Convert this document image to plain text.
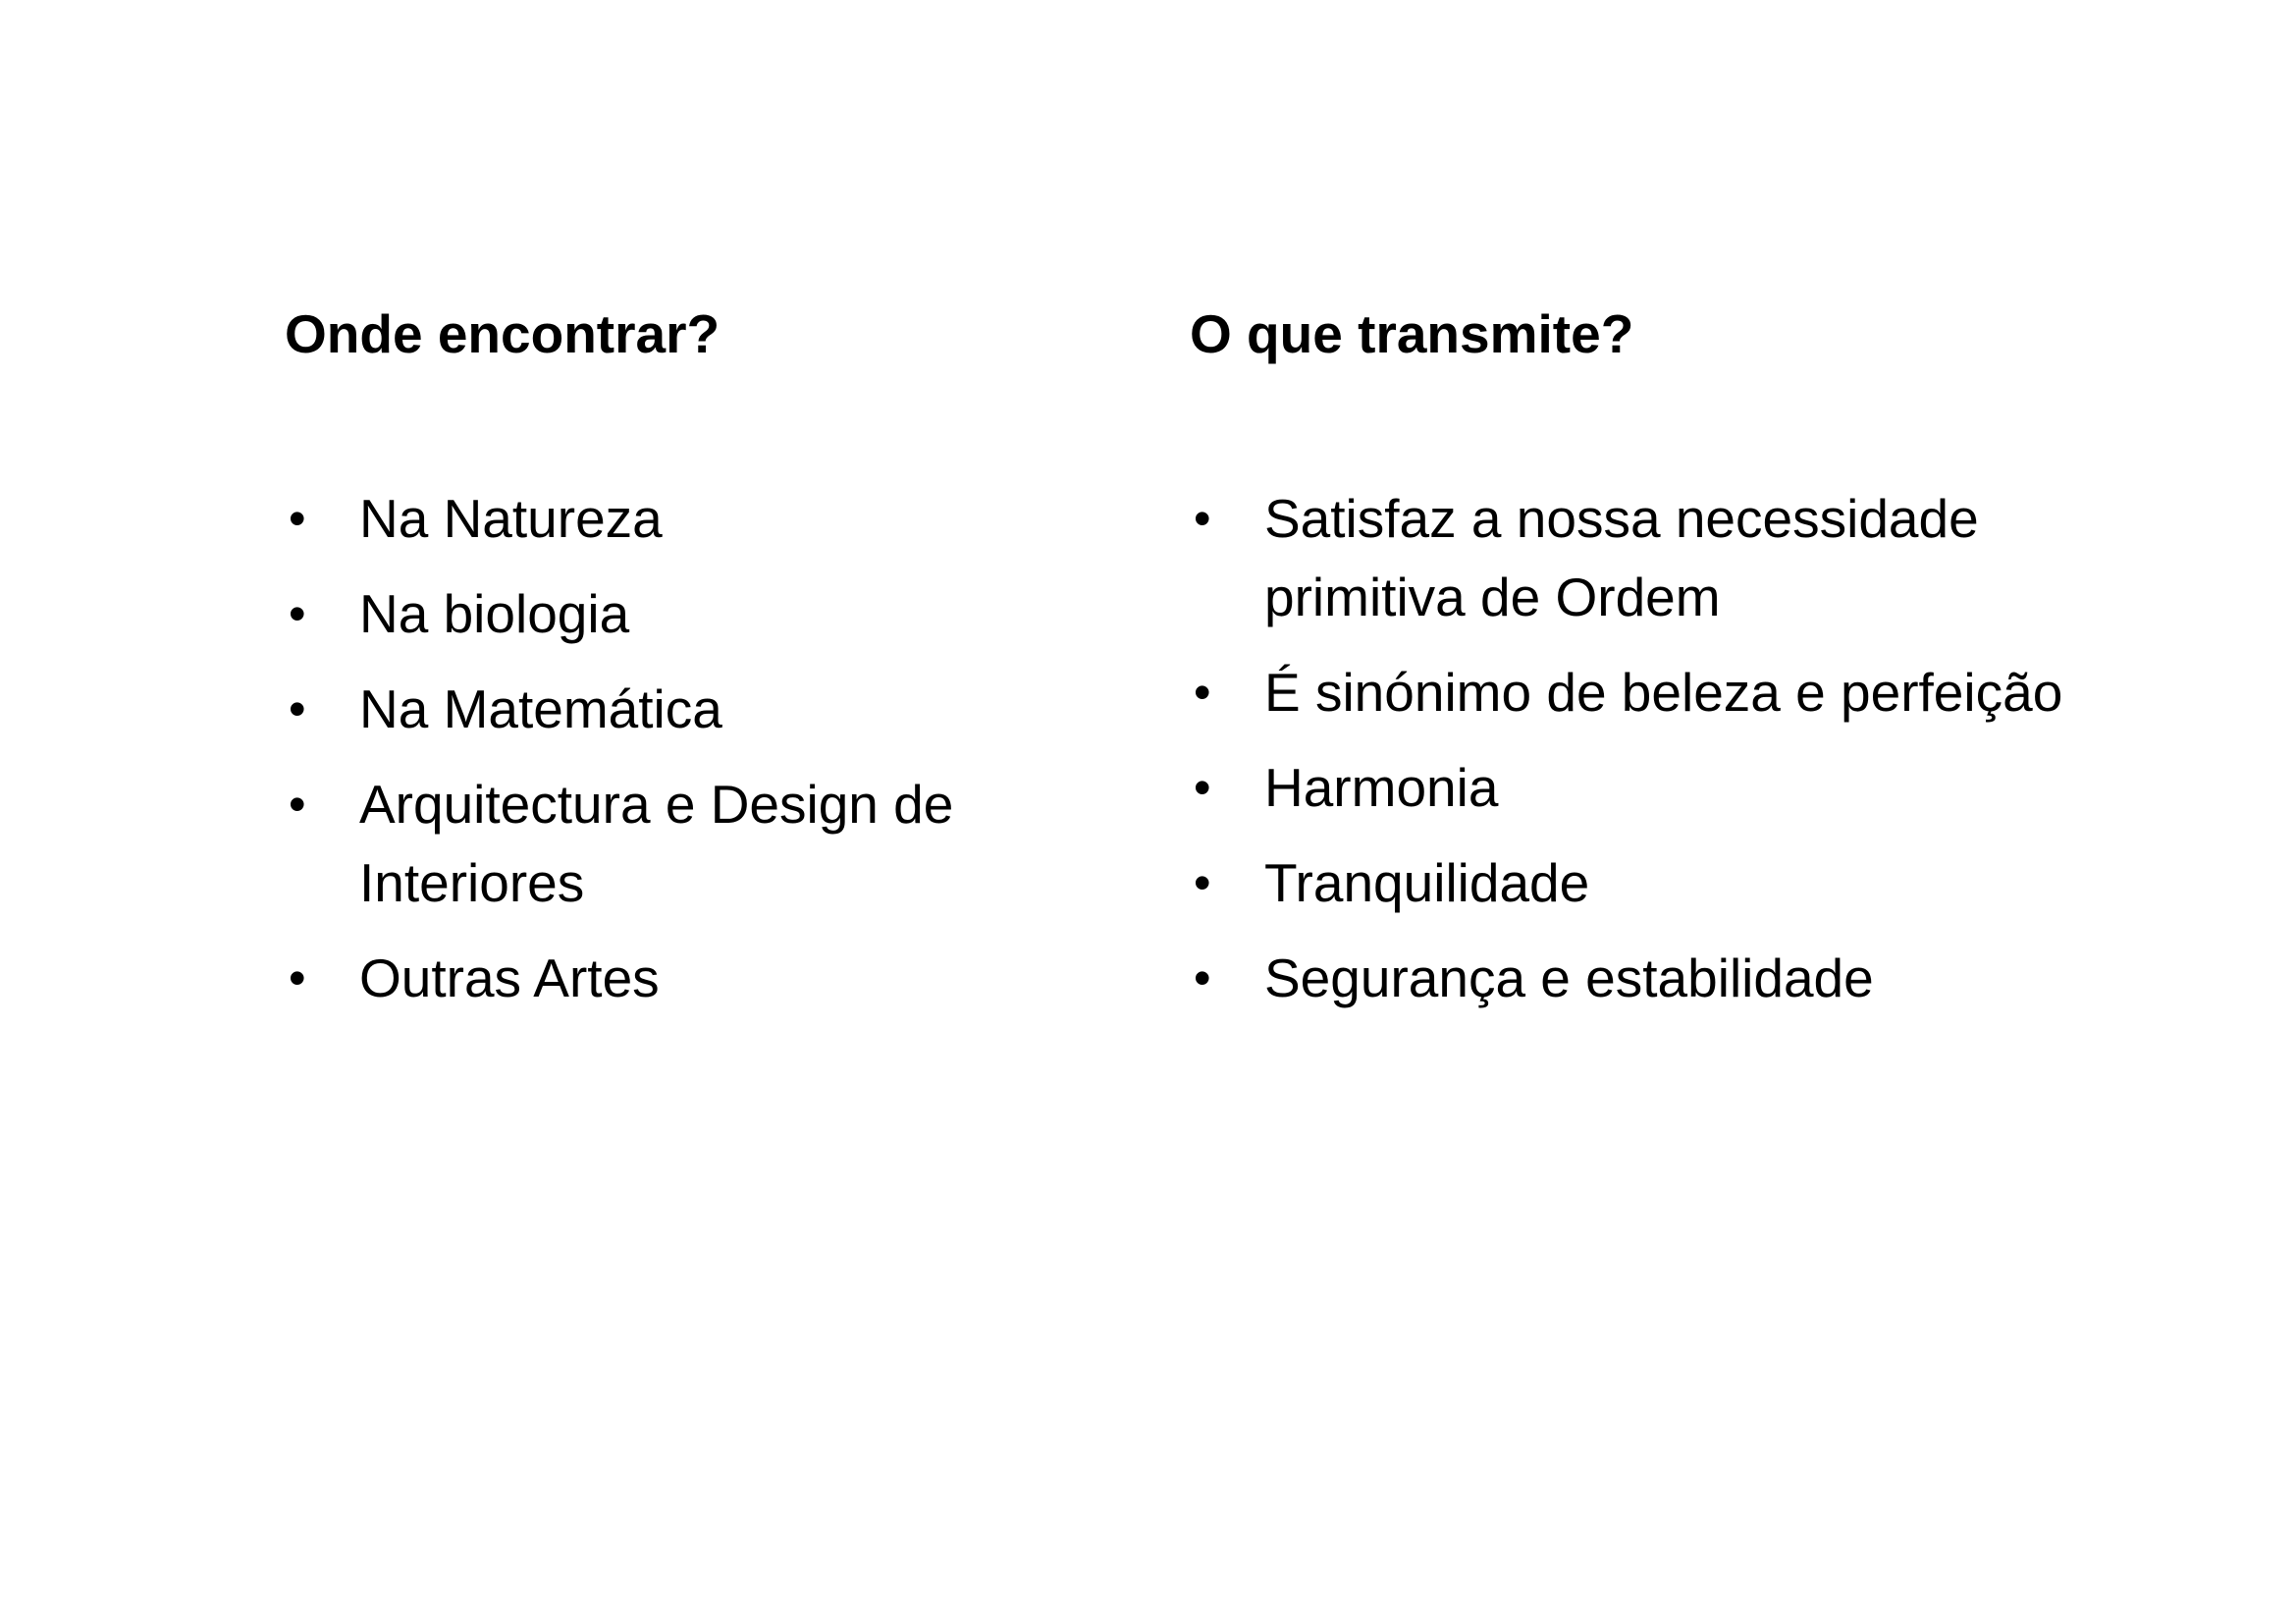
Onde encontrar?
• Na Natureza
• Na biologia
• Na Matemática
• Arquitectura e Design de Interiores
• Outras Artes
O que transmite?
• Satisfaz a nossa necessidade primitiva de Ordem
• É sinónimo de beleza e perfeição
• Harmonia
• Tranquilidade
• Segurança e estabilidade
